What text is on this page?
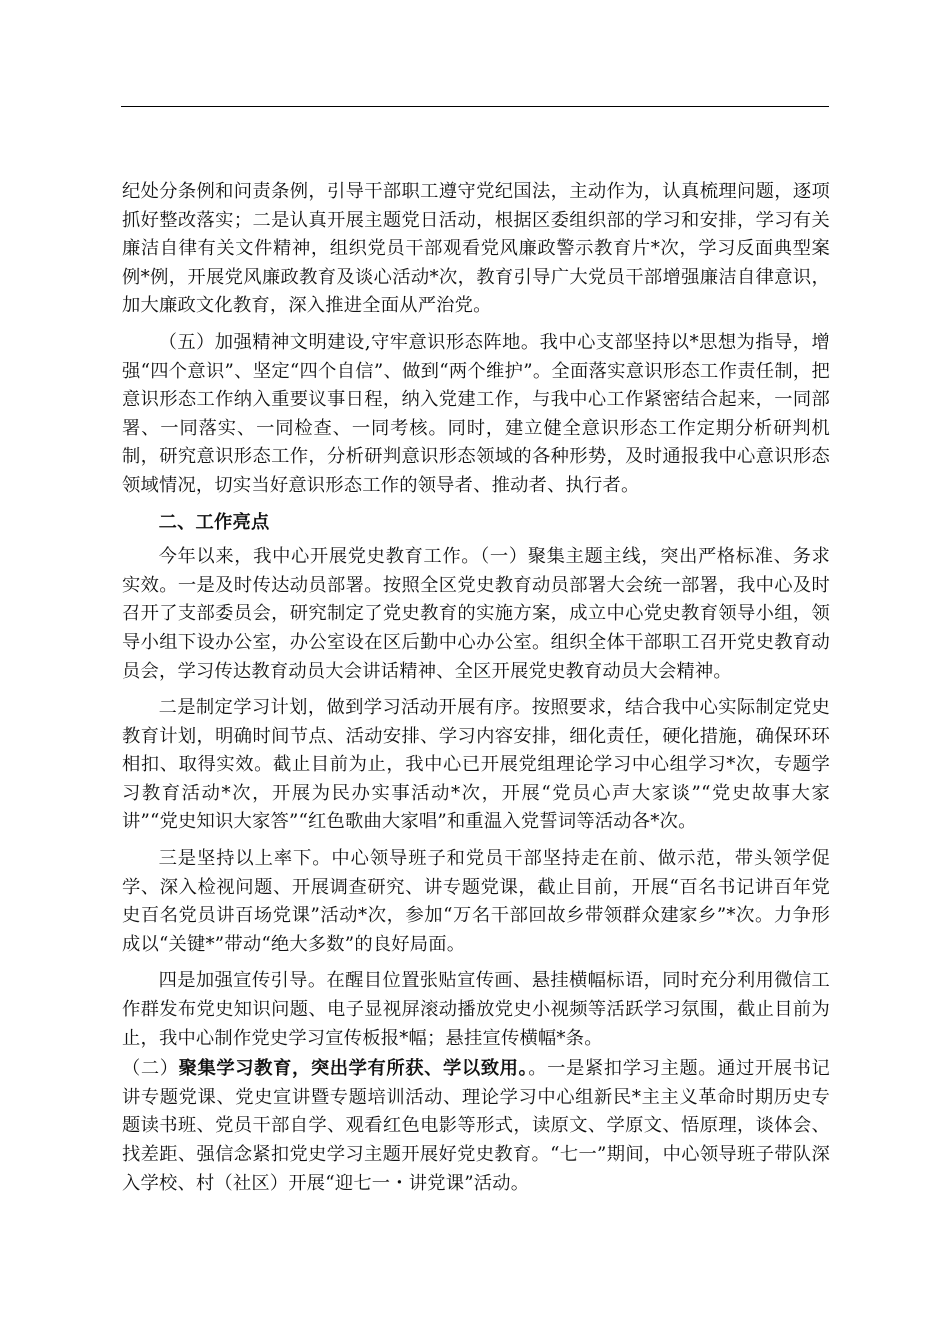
纪处分条例和问责条例，引导干部职工遵守党纪国法，主动作为，认真梳理问题，逐项抓好整改落实；二是认真开展主题党日活动，根据区委组织部的学习和安排，学习有关廉洁自律有关文件精神，组织党员干部观看党风廉政警示教育片*次，学习反面典型案例*例，开展党风廉政教育及谈心活动*次，教育引导广大党员干部增强廉洁自律意识，加大廉政文化教育，深入推进全面从严治党。

（五）加强精神文明建设,守牢意识形态阵地。我中心支部坚持以*思想为指导，增强“四个意识”、坚定“四个自信”、做到“两个维护”。全面落实意识形态工作责任制，把意识形态工作纳入重要议事日程，纳入党建工作，与我中心工作紧密结合起来，一同部署、一同落实、一同检查、一同考核。同时，建立健全意识形态工作定期分析研判机制，研究意识形态工作，分析研判意识形态领域的各种形势，及时通报我中心意识形态领域情况，切实当好意识形态工作的领导者、推动者、执行者。

二、工作亮点

今年以来，我中心开展党史教育工作。（一）聚集主题主线，突出严格标准、务求实效。一是及时传达动员部署。按照全区党史教育动员部署大会统一部署，我中心及时召开了支部委员会，研究制定了党史教育的实施方案，成立中心党史教育领导小组，领导小组下设办公室，办公室设在区后勤中心办公室。组织全体干部职工召开党史教育动员会，学习传达教育动员大会讲话精神、全区开展党史教育动员大会精神。

二是制定学习计划，做到学习活动开展有序。按照要求，结合我中心实际制定党史教育计划，明确时间节点、活动安排、学习内容安排，细化责任，硬化措施，确保环环相扣、取得实效。截止目前为止，我中心已开展党组理论学习中心组学习*次，专题学习教育活动*次，开展为民办实事活动*次，开展“党员心声大家谈”“党史故事大家讲”“党史知识大家答”“红色歌曲大家唱”和重温入党誓词等活动各*次。

三是坚持以上率下。中心领导班子和党员干部坚持走在前、做示范，带头领学促学、深入检视问题、开展调查研究、讲专题党课，截止目前，开展“百名书记讲百年党史百名党员讲百场党课”活动*次，参加“万名干部回故乡带领群众建家乡”*次。力争形成以“关键*”带动“绝大多数”的良好局面。

四是加强宣传引导。在醒目位置张贴宣传画、悬挂横幅标语，同时充分利用微信工作群发布党史知识问题、电子显视屏滚动播放党史小视频等活跃学习氛围，截止目前为止，我中心制作党史学习宣传板报*幅；悬挂宣传横幅*条。

（二）聚集学习教育，突出学有所获、学以致用。。一是紧扣学习主题。通过开展书记讲专题党课、党史宣讲暨专题培训活动、理论学习中心组新民*主主义革命时期历史专题读书班、党员干部自学、观看红色电影等形式，读原文、学原文、悟原理，谈体会、找差距、强信念紧扣党史学习主题开展好党史教育。“七一”期间，中心领导班子带队深入学校、村（社区）开展“迎七一・讲党课”活动。
